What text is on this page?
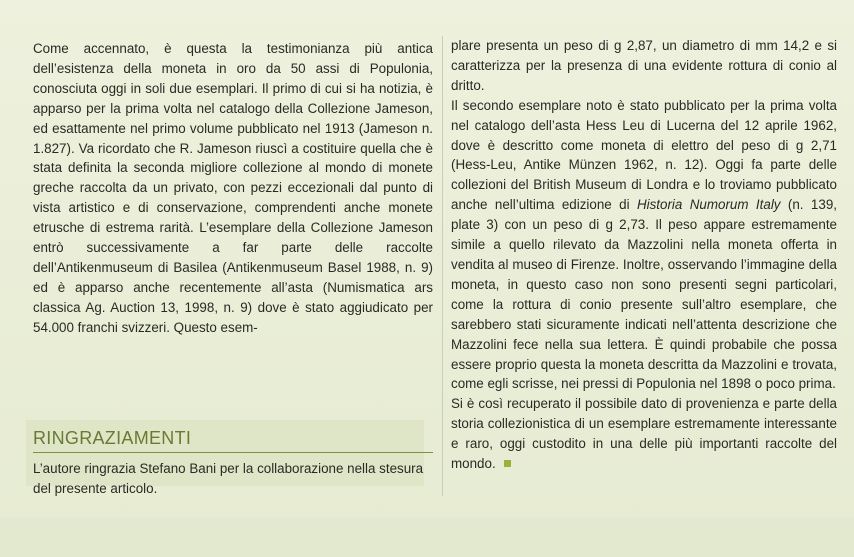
Come accennato, è questa la testimonianza più antica dell’esistenza della moneta in oro da 50 assi di Populonia, conosciuta oggi in soli due esemplari. Il primo di cui si ha notizia, è apparso per la prima volta nel catalogo della Collezione Jameson, ed esattamente nel primo volume pubblicato nel 1913 (Jameson n. 1.827). Va ricordato che R. Jameson riuscì a costituire quella che è stata definita la seconda migliore collezione al mondo di monete greche raccolta da un privato, con pezzi eccezionali dal punto di vista artistico e di conservazione, comprendenti anche monete etrusche di estrema rarità. L’esemplare della Collezione Jameson entrò successivamente a far parte delle raccolte dell’Antikenmuseum di Basilea (Antikenmuseum Basel 1988, n. 9) ed è apparso anche recentemente all’asta (Numismatica ars classica Ag. Auction 13, 1998, n. 9) dove è stato aggiudicato per 54.000 franchi svizzeri. Questo esem-

RINGRAZIAMENTI
L’autore ringrazia Stefano Bani per la collaborazione nella stesura del presente articolo.

plare presenta un peso di g 2,87, un diametro di mm 14,2 e si caratterizza per la presenza di una evidente rottura di conio al dritto.

Il secondo esemplare noto è stato pubblicato per la prima volta nel catalogo dell’asta Hess Leu di Lucerna del 12 aprile 1962, dove è descritto come moneta di elettro del peso di g 2,71 (Hess-Leu, Antike Münzen 1962, n. 12). Oggi fa parte delle collezioni del British Museum di Londra e lo troviamo pubblicato anche nell’ultima edizione di Historia Numorum Italy (n. 139, plate 3) con un peso di g 2,73. Il peso appare estremamente simile a quello rilevato da Mazzolini nella moneta offerta in vendita al museo di Firenze. Inoltre, osservando l’immagine della moneta, in questo caso non sono presenti segni particolari, come la rottura di conio presente sull’altro esemplare, che sarebbero stati sicuramente indicati nell’attenta descrizione che Mazzolini fece nella sua lettera. È quindi probabile che possa essere proprio questa la moneta descritta da Mazzolini e trovata, come egli scrisse, nei pressi di Populonia nel 1898 o poco prima.

Si è così recuperato il possibile dato di provenienza e parte della storia collezionistica di un esemplare estremamente interessante e raro, oggi custodito in una delle più importanti raccolte del mondo.
